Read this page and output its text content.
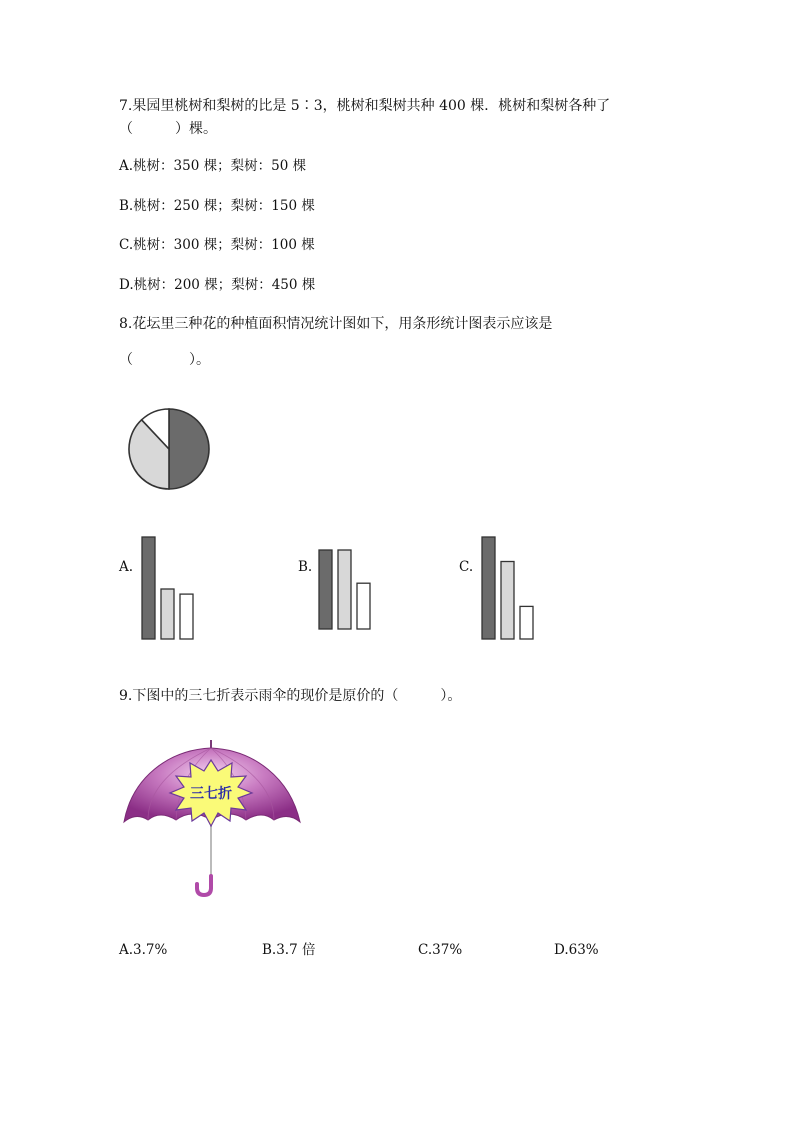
7.果园里桃树和梨树的比是 5∶3，桃树和梨树共种 400 棵．桃树和梨树各种了
（　　　）棵。
A.桃树：350 棵；梨树：50 棵
B.桃树：250 棵；梨树：150 棵
C.桃树：300 棵；梨树：100 棵
D.桃树：200 棵；梨树：450 棵
8.花坛里三种花的种植面积情况统计图如下，用条形统计图表示应该是
（　　　　）。
A.	B.	C.
9.下图中的三七折表示雨伞的现价是原价的（　　　）。
三七折
A.3.7%	B.3.7 倍	C.37%	D.63%
